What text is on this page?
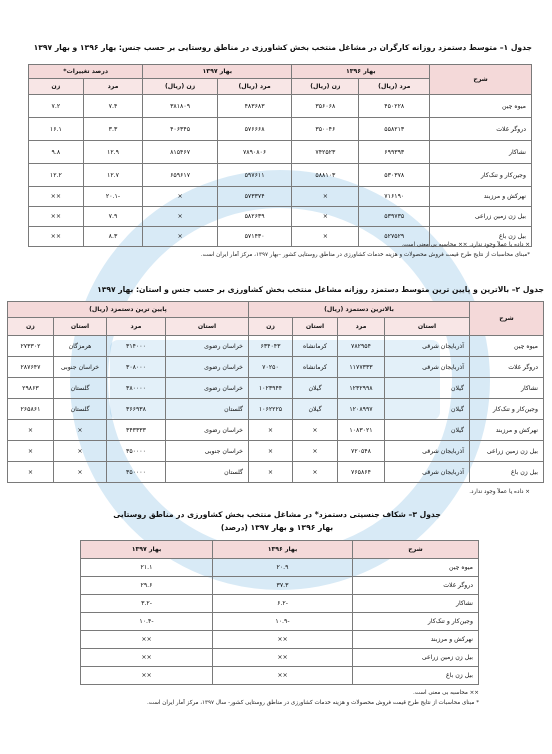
جدول ۱– متوسط دستمزد روزانه کارگران در مشاغل منتخب بخش کشاورزی در مناطق روستایی بر حسب جنس: بهار ۱۳۹۶ و بهار ۱۳۹۷
شرح	بهار ۱۳۹۶		بهار ۱۳۹۷		درصد تغییرات*	
	مرد (ریال)	زن (ریال)	مرد (ریال)	زن (ریال)	مرد	زن
میوه چین	۴۵۰۲۲۸	۳۵۶۰۶۸	۴۸۳۶۸۳	۳۸۱۸۰۹	۷.۴	۷.۲
دروگر غلات	۵۵۸۲۱۳	۳۵۰۰۴۶	۵۷۶۶۶۸	۴۰۶۳۴۵	۳.۳	۱۶.۱
نشاکار	۶۹۹۳۹۳	۷۴۲۵۲۳	۷۸۹۰۸۰۶	۸۱۵۴۶۷	۱۲.۹	۹.۸
وجین‌کار و تنک‌کار	۵۳۰۳۷۸	۵۸۸۱۰۳	۵۹۷۶۱۱	۶۵۹۶۱۷	۱۲.۷	۱۲.۲
نهرکش و مرزبند	۷۱۶۱۹۰	×	۵۷۳۳۷۴	×	-۲۰.۱	××
بیل زن زمین زراعی	۵۳۹۷۳۵	×	۵۸۲۶۳۹	×	۷.۹	××
بیل زن باغ	۵۲۷۵۲۹	×	۵۷۱۴۳۰	×	۸.۳	××
× داده یا عملاً وجود ندارد. ×× محاسبه بی معنی است.
*مبنای محاسبات از نتایج طرح قیمت فروش محصولات و هزینه خدمات کشاورزی در مناطق روستایی کشور –بهار ۱۳۹۷، مرکز آمار ایران است.
جدول ۲– بالاترین و پایین ترین متوسط دستمزد روزانه مشاغل منتخب بخش کشاورزی بر حسب جنس و استان: بهار ۱۳۹۷
شرح	بالاترین دستمزد (ریال)				پایین ترین دستمزد (ریال)			
	استان	مرد	استان	زن	استان	مرد	استان	زن
میوه چین	آذربایجان شرقی	۷۸۲۹۵۴	کرمانشاه	۶۳۴۰۴۳	خراسان رضوی	۳۱۴۰۰۰	هرمزگان	۲۷۳۳۰۲
دروگر غلات	آذربایجان شرقی	۱۱۷۷۳۳۳	کرمانشاه	۷۰۲۵۰	خراسان رضوی	۳۰۸۰۰۰	خراسان جنوبی	۲۸۷۶۴۷
نشاکار	گیلان	۱۲۳۲۹۹۸	گیلان	۱۰۲۳۹۴۴	خراسان رضوی	۳۸۰۰۰۰	گلستان	۲۹۸۶۳
وجین‌کار و تنک‌کار	گیلان	۱۲۰۸۹۹۷	گیلان	۱۰۶۲۲۲۵	گلستان	۳۶۶۹۳۸	گلستان	۲۶۵۸۶۱
نهرکش و مرزبند	گیلان	۱۰۸۳۰۲۱	×	×	خراسان رضوی	۳۴۳۳۳۳	×	×
بیل زن زمین زراعی	آذربایجان شرقی	۷۲۰۵۴۸	×	×	خراسان جنوبی	۳۵۰۰۰۰	×	×
بیل زن باغ	آذربایجان شرقی	۷۶۵۸۶۴	×	×	گلستان	۳۵۰۰۰۰	×	×
× داده یا عملاً وجود ندارد.
جدول ۳– شکاف جنسیتی دستمزد* در مشاغل منتخب بخش کشاورزی در مناطق روستایی
بهار ۱۳۹۶ و بهار ۱۳۹۷ (درصد)
شرح	بهار ۱۳۹۶	بهار ۱۳۹۷
میوه چین	۲۰.۹	۲۱.۱
دروگر غلات	۳۷.۳	۲۹.۶
نشاکار	-۶.۲	-۳.۲
وجین‌کار و تنک‌کار	-۱۰.۹	-۱۰.۴
نهرکش و مرزبند	××	××
بیل زن زمین زراعی	××	××
بیل زن باغ	××	××
×× محاسبه بی معنی است.
* مبنای محاسبات از نتایج طرح قیمت فروش محصولات و هزینه خدمات کشاورزی در مناطق روستایی کشور- سال ۱۳۹۷، مرکز آمار ایران است.
